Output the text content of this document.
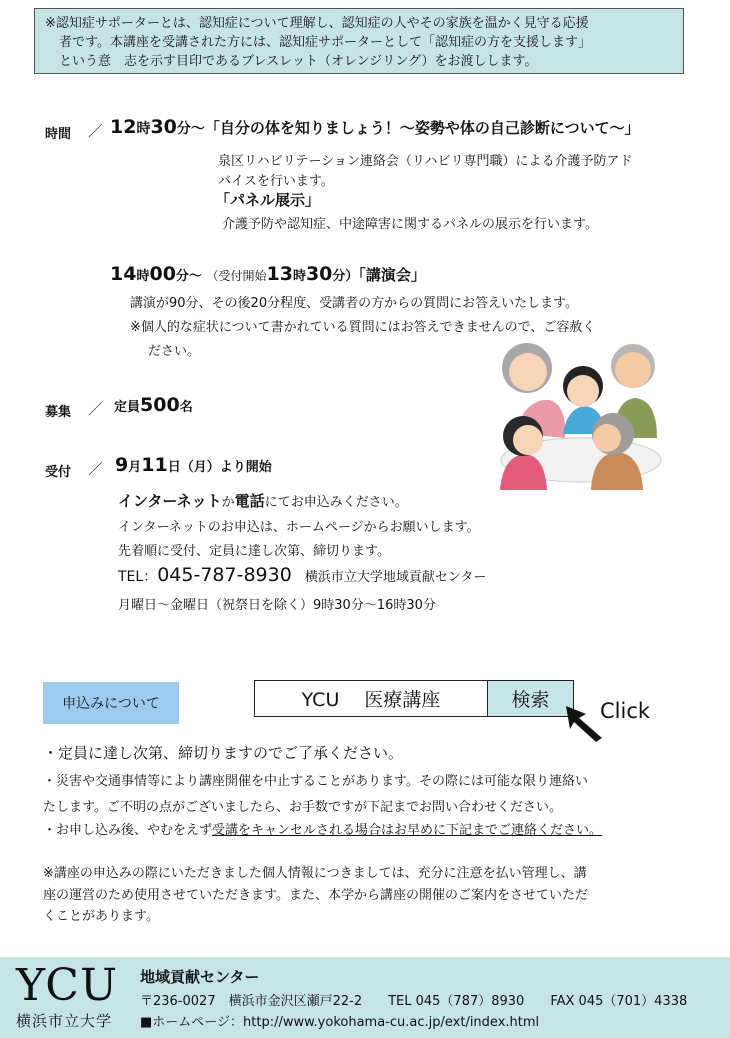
※認知症サポーターとは、認知症について理解し、認知症の人やその家族を温かく見守る応援
者です。本講座を受講された方には、認知症サポーターとして「認知症の方を支援します」
という意　志を示す目印であるブレスレット（オレンジリング）をお渡しします。
時間 ／ 12時30分～「自分の体を知りましょう！～姿勢や体の自己診断について～」
泉区リハビリテーション連絡会（リハビリ専門職）による介護予防アド
バイスを行います。
「パネル展示」
介護予防や認知症、中途障害に関するパネルの展示を行います。
14時00分～ （受付開始13時30分）「講演会」
講演が90分、その後20分程度、受講者の方からの質問にお答えいたします。
※個人的な症状について書かれている質問にはお答えできませんので、ご容赦く
ださい。
募集 ／ 定員500名
受付 ／ 9月11日（月）より開始
インターネットか電話にてお申込みください。
インターネットのお申込は、ホームページからお願いします。
先着順に受付、定員に達し次第、締切ります。
TEL：045-787-8930 横浜市立大学地域貢献センター
月曜日～金曜日（祝祭日を除く）9時30分～16時30分
申込みについて	YCU　 医療講座	検索	Click
・定員に達し次第、締切りますのでご了承ください。
・災害や交通事情等により講座開催を中止することがあります。その際には可能な限り連絡い
たします。ご不明の点がございましたら、お手数ですが下記までお問い合わせください。
・お申し込み後、やむをえず受講をキャンセルされる場合はお早めに下記までご連絡ください。
※講座の申込みの際にいただきました個人情報につきましては、充分に注意を払い管理し、講
座の運営のため使用させていただきます。また、本学から講座の開催のご案内をさせていただ
くことがあります。
YCU
横浜市立大学
地域貢献センター
〒236-0027　横浜市金沢区瀬戸22-2　　TEL 045（787）8930　　FAX 045（701）4338
■ホームページ：http://www.yokohama-cu.ac.jp/ext/index.html
